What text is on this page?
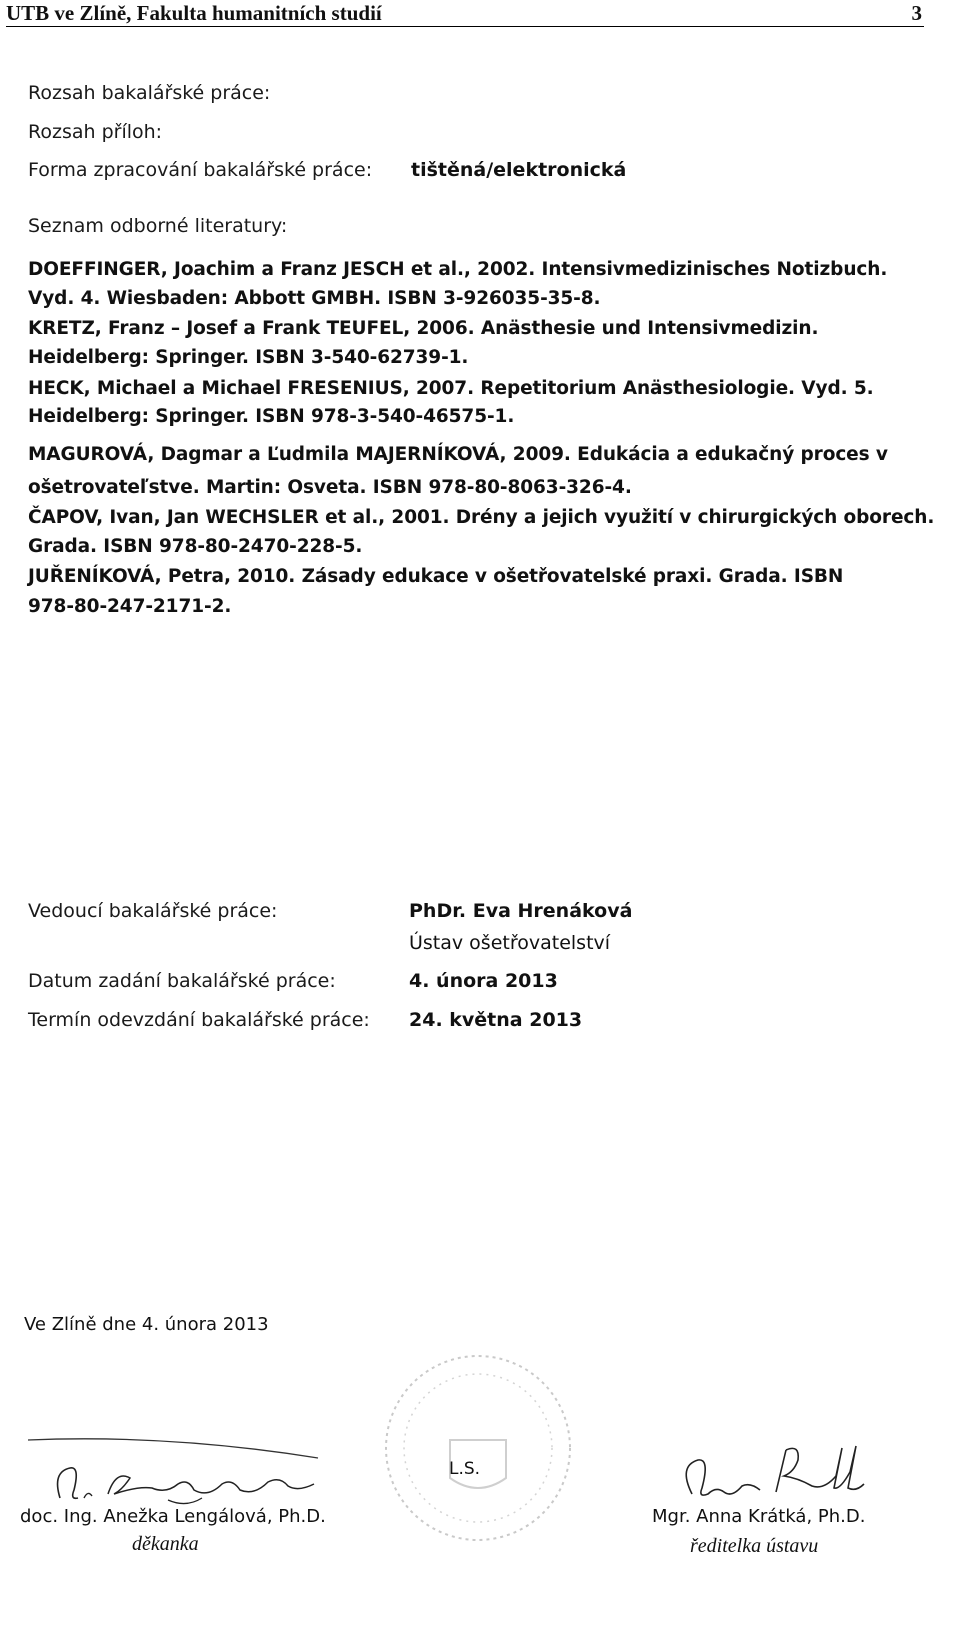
UTB ve Zlíně, Fakulta humanitních studií	3
Rozsah bakalářské práce:
Rozsah příloh:
Forma zpracování bakalářské práce: tištěná/elektronická
Seznam odborné literatury:
DOEFFINGER, Joachim a Franz JESCH et al., 2002. Intensivmedizinisches Notizbuch.
Vyd. 4. Wiesbaden: Abbott GMBH. ISBN 3-926035-35-8.
KRETZ, Franz – Josef a Frank TEUFEL, 2006. Anästhesie und Intensivmedizin.
Heidelberg: Springer. ISBN 3-540-62739-1.
HECK, Michael a Michael FRESENIUS, 2007. Repetitorium Anästhesiologie. Vyd. 5.
Heidelberg: Springer. ISBN 978-3-540-46575-1.
MAGUROVÁ, Dagmar a Ľudmila MAJERNÍKOVÁ, 2009. Edukácia a edukačný proces v
ošetrovateľstve. Martin: Osveta. ISBN 978-80-8063-326-4.
ČAPOV, Ivan, Jan WECHSLER et al., 2001. Drény a jejich využití v chirurgických oborech.
Grada. ISBN 978-80-2470-228-5.
JUŘENÍKOVÁ, Petra, 2010. Zásady edukace v ošetřovatelské praxi. Grada. ISBN
978-80-247-2171-2.
Vedoucí bakalářské práce:	PhDr. Eva Hrenáková
Ústav ošetřovatelství
Datum zadání bakalářské práce:	4. února 2013
Termín odevzdání bakalářské práce: 24. května 2013
Ve Zlíně dne 4. února 2013
L.S.
doc. Ing. Anežka Lengálová, Ph.D.
děkanka
Mgr. Anna Krátká, Ph.D.
ředitelka ústavu
